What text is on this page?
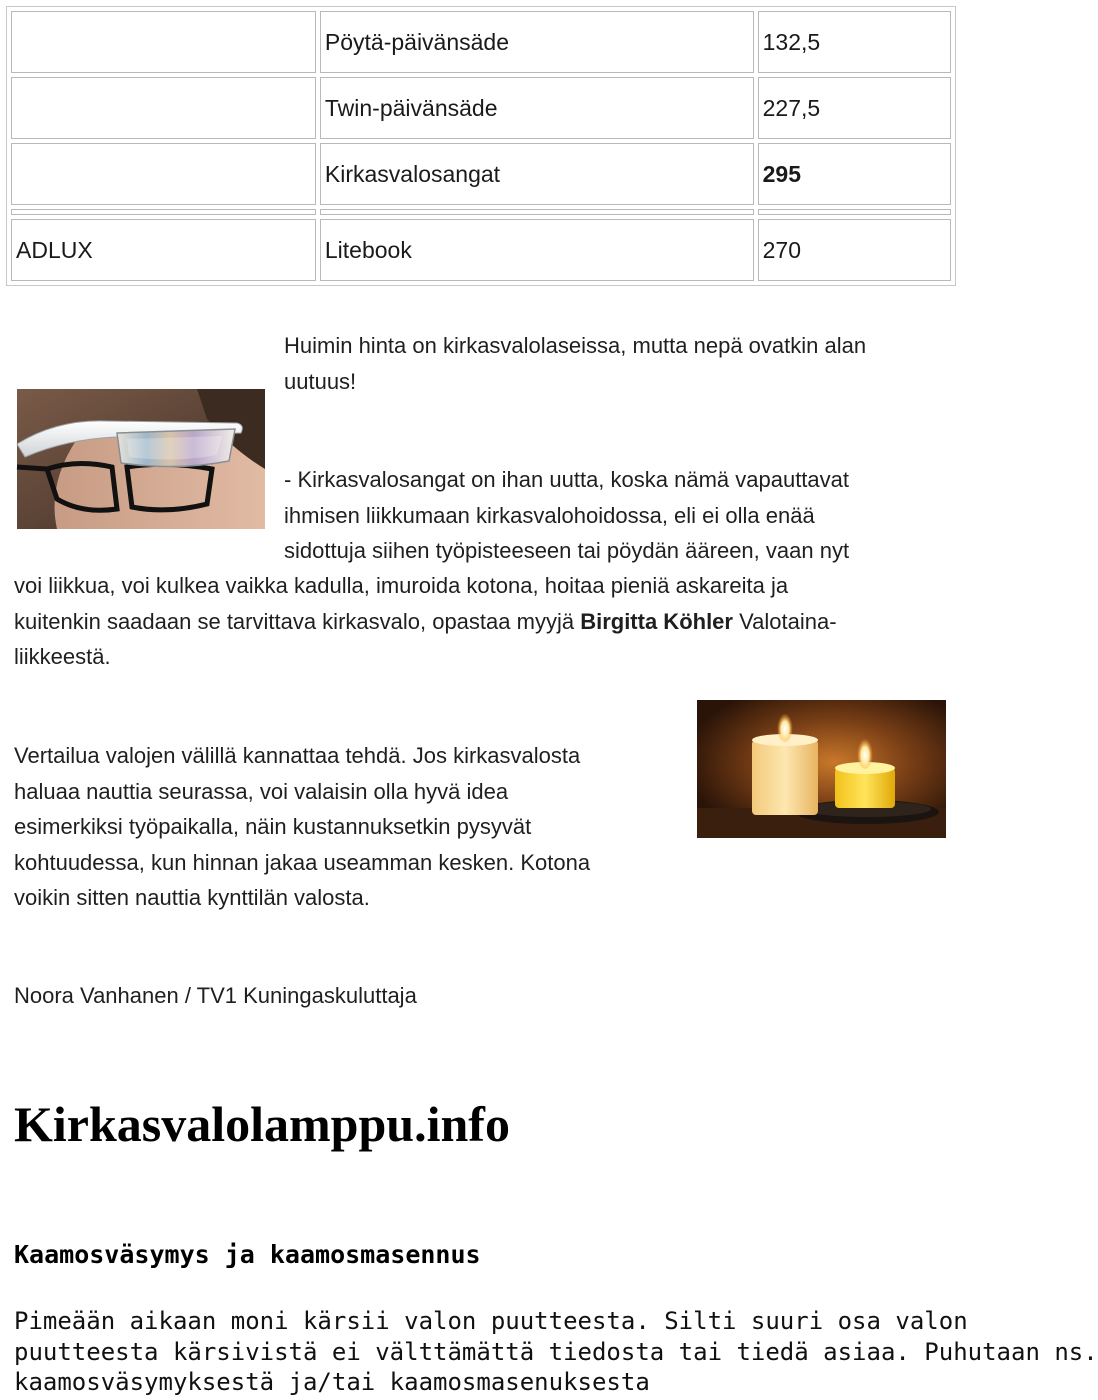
	Pöytä-päivänsäde	132,5
	Twin-päivänsäde	227,5
	Kirkasvalosangat	295

ADLUX	Litebook	270
Huimin hinta on kirkasvalolaseissa, mutta nepä ovatkin alan
uutuus!
- Kirkasvalosangat on ihan uutta, koska nämä vapauttavat
ihmisen liikkumaan kirkasvalohoidossa, eli ei olla enää
sidottuja siihen työpisteeseen tai pöydän ääreen, vaan nyt
voi liikkua, voi kulkea vaikka kadulla, imuroida kotona, hoitaa pieniä askareita ja
kuitenkin saadaan se tarvittava kirkasvalo, opastaa myyjä Birgitta Köhler Valotaina-
liikkeestä.
Vertailua valojen välillä kannattaa tehdä. Jos kirkasvalosta
haluaa nauttia seurassa, voi valaisin olla hyvä idea
esimerkiksi työpaikalla, näin kustannuksetkin pysyvät
kohtuudessa, kun hinnan jakaa useamman kesken. Kotona
voikin sitten nauttia kynttilän valosta.
Noora Vanhanen / TV1 Kuningaskuluttaja
Kirkasvalolamppu.info
Kaamosväsymys ja kaamosmasennus
Pimeään aikaan moni kärsii valon puutteesta. Silti suuri osa valon
puutteesta kärsivistä ei välttämättä tiedosta tai tiedä asiaa. Puhutaan ns.
kaamosväsymyksestä ja/tai kaamosmasenuksesta
